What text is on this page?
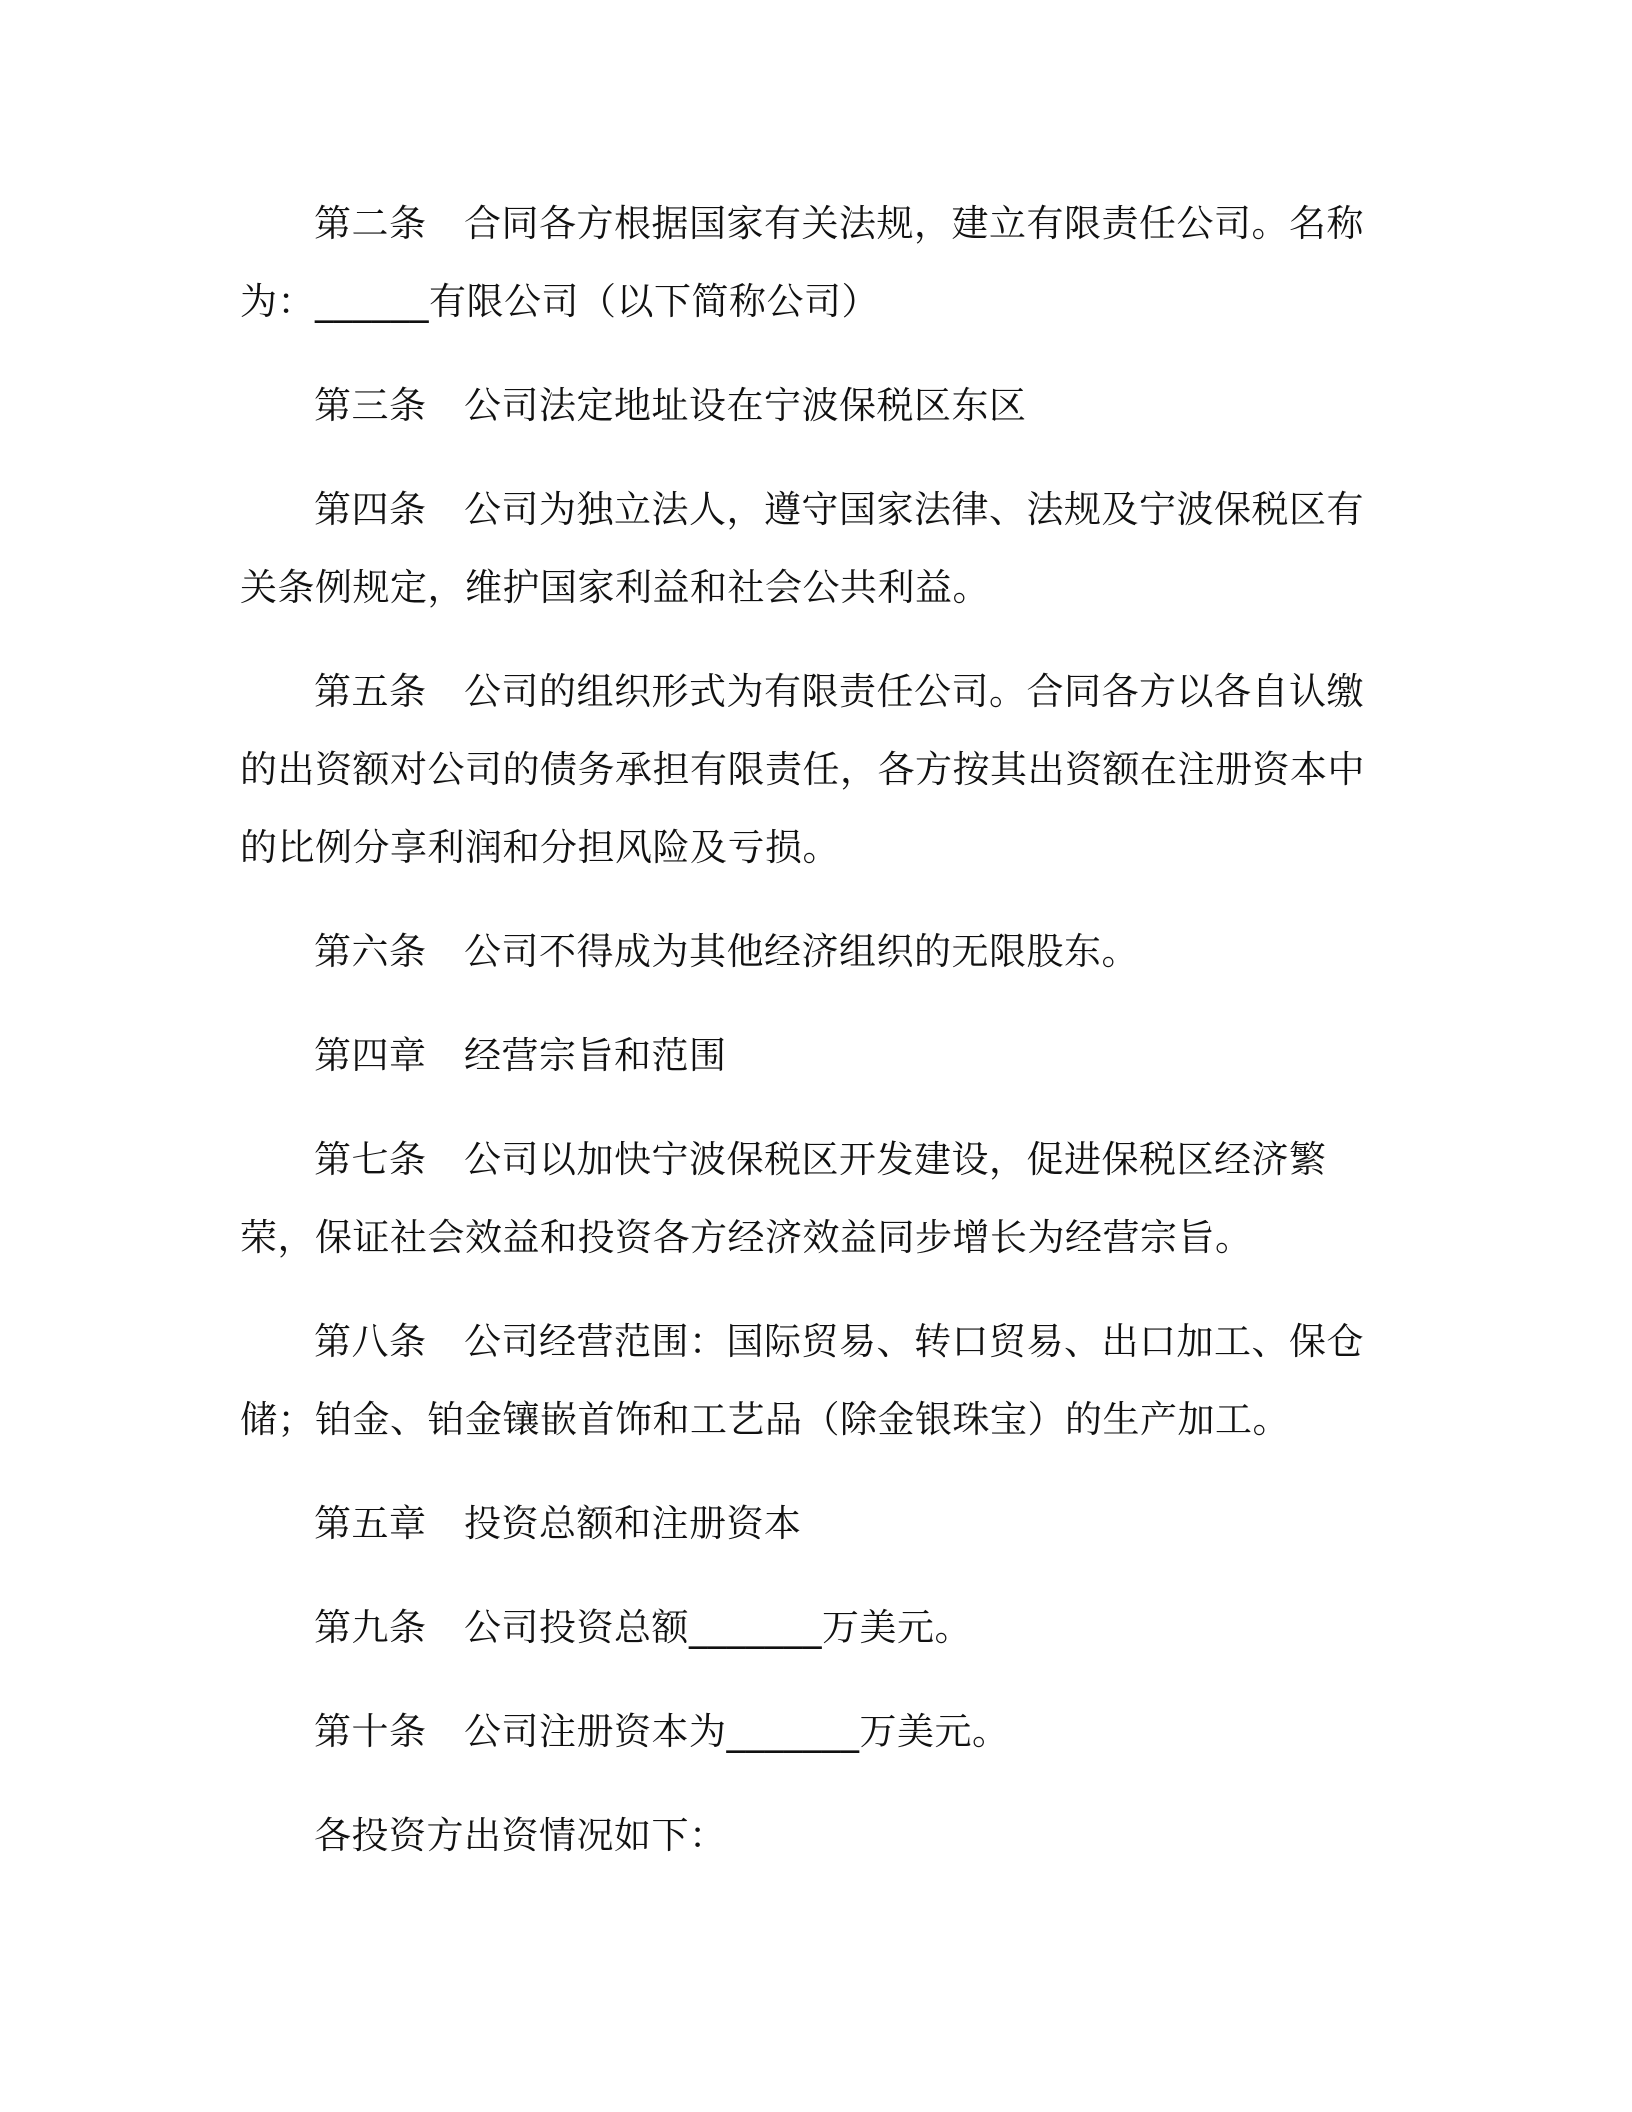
第二条 合同各方根据国家有关法规，建立有限责任公司。名称为：______有限公司（以下简称公司）

第三条 公司法定地址设在宁波保税区东区

第四条 公司为独立法人，遵守国家法律、法规及宁波保税区有关条例规定，维护国家利益和社会公共利益。

第五条 公司的组织形式为有限责任公司。合同各方以各自认缴的出资额对公司的债务承担有限责任，各方按其出资额在注册资本中的比例分享利润和分担风险及亏损。

第六条 公司不得成为其他经济组织的无限股东。

第四章 经营宗旨和范围

第七条 公司以加快宁波保税区开发建设，促进保税区经济繁荣，保证社会效益和投资各方经济效益同步增长为经营宗旨。

第八条 公司经营范围：国际贸易、转口贸易、出口加工、保仓储；铂金、铂金镶嵌首饰和工艺品（除金银珠宝）的生产加工。

第五章 投资总额和注册资本

第九条 公司投资总额_______万美元。

第十条 公司注册资本为_______万美元。

各投资方出资情况如下：
